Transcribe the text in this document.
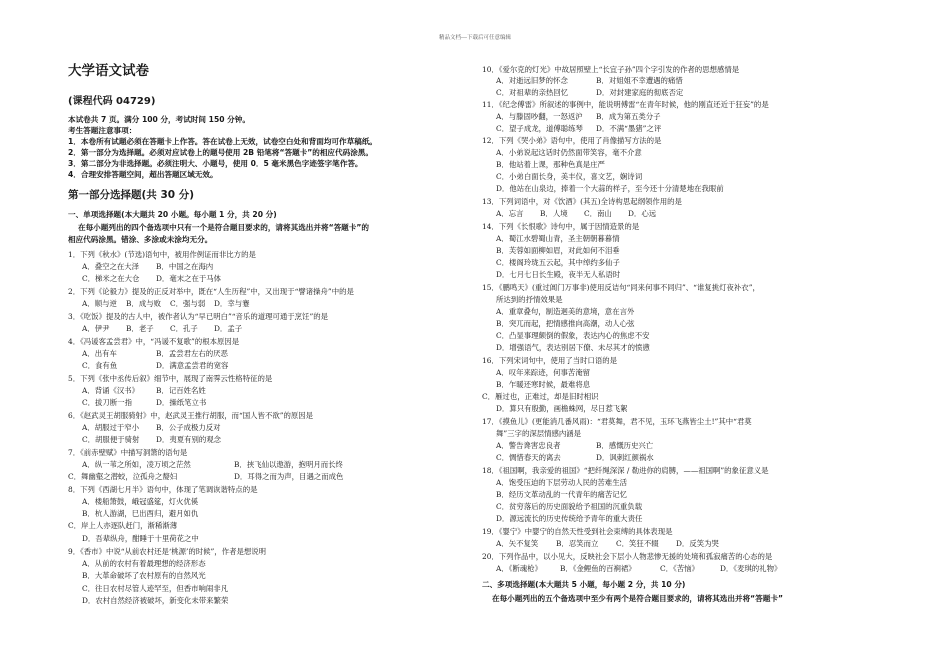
精品文档---下载后可任意编辑
大学语文试卷
(课程代码 04729)
本试卷共 7 页。满分 100 分，考试时间 150 分钟。
考生答题注意事项：
1．本卷所有试题必须在答题卡上作答。答在试卷上无效，试卷空白处和背面均可作草稿纸。
2．第一部分为选择题。必须对应试卷上的题号使用 2B 铅笔将“答题卡”的相应代码涂黑。
3．第二部分为非选择题。必须注明大、小题号，使用 0．5 毫米黑色字迹签字笔作答。
4．合理安排答题空间，超出答题区域无效。
第一部分选择题(共 30 分)
一、单项选择题(本大题共 20 小题。每小题 1 分，共 20 分)
在每小题列出的四个备选项中只有一个是符合题目要求的，请将其选出并将“答题卡”的
相应代码涂黑。错涂、多涂或未涂均无分。
1．下列《秋水》(节选)语句中，被用作例证而非比方的是
A．叠空之在大泽 B．中国之在海内
C．梯米之在大仓 D．毫末之在于马体
2．下列《论毅力》提及的正反对举中，既在“人生历程”中，又出现于“譬诸操舟”中的是
A．顺与逆 B．成与败 C．强与弱 D．幸与蹇
3．《吃饭》提及的古人中，被作者认为“早已明白”“音乐的道理可通于烹饪”的是
A．伊尹 B．老子 C．孔子 D．孟子
4．《冯谖客孟尝君》中，“冯谖不复歌”的根本原因是
A．出有车	B．孟尝君左右的厌恶
C．食有鱼	D．满意孟尝君的宽容
5．下列《张中丞传后叙》细节中，展现了南霁云性格特征的是
A．背诵《汉书》 B．记百姓名姓
C．拔刀断一指	D．操纸笔立书
6．《赵武灵王胡服骑射》中，赵武灵王推行胡服，而“国人皆不欲”的原因是
A．胡服过于窄小 B．公子成极力反对
C．胡服便于骑射 D．夷夏有别的观念
7．《前赤壁赋》中描写洞箫的语句是
A．纵一苇之所如，凌万顷之茫然	B．挟飞仙以遨游，抱明月而长终
C．舞幽壑之潜蛟，泣孤舟之嫠妇	D．耳得之而为声，目遇之而成色
8．下列《西湖七月半》语句中，体现了笔调诙谐特点的是
A．楼船箫鼓，峨冠盛筵，灯火优傒
B．杭人游湖，巳出酉归，避月如仇
C．岸上人亦逐队赶门，渐稀渐薄
D．吾辈纵舟，酣睡于十里荷花之中
9．《香市》中说“从前农村还是‘桃源’的时候”，作者是想说明
A．从前的农村有着最理想的经济形态
B．大革命破坏了农村原有的自然风光
C．往日农村尽管人迹罕至，但香市响闹非凡
D．农村自然经济被破坏，新变化未带来繁荣
10．《爱尔克的灯光》中故居照壁上“长宜子孙”四个字引发的作者的思想感情是
A．对逝远旧梦的怀念	B．对姐姐不幸遭遇的痛惜
C．对祖辈的亲热回忆	D．对封建家庭的彻底否定
11．《纪念傅雷》所叙述的事例中，能说明傅雷“在青年时候，他的刚直还近于狂妄”的是
A．与滕固吵翻，一怒返沪 B．成为第五类分子
C．望子成龙，道傅聪练琴 D．不满“墨猪”之评
12．下列《哭小弟》语句中，使用了肖像描写方法的是
A．小弟说起这话时仍然面带笑容，毫不介意
B．他站着上课，那种色真是庄严
C．小弟白面长身，美丰仪，喜文艺，娴诗词
D．他站在山泉边，捧着一个大蒜的样子，至今还十分清楚地在我眼前
13．下列词语中，对《饮酒》(其五)全诗构思起纲领作用的是
A．忘言 B．人境 C．南山 D．心远
14．下列《长恨歌》诗句中，属于因情造景的是
A．蜀江水碧蜀山青，圣主朝朝暮暮情
B．芙蓉如面柳如眉，对此如何不泪垂
C．楼阁玲珑五云起，其中绰约多仙子
D．七月七日长生殿，夜半无人私语时
15．《鹏鸣天》(重过阊门万事非)使用反诘句“同来何事不同归”、“谁复挑灯夜补衣”，
所达到的抒情效果是
A．重章叠句，制造迴美的意境，意在言外
B．突兀而起，把情感推向高潮，动人心弦
C．凸显事理颇倒的假象，表达内心的焦虑不安
D．增强语气，表达别居下僚、未尽其才的愤懑
16．下列宋词句中，使用了当时口语的是
A．叹年来踪迹，何事苦淹留
B．乍暖还寒时候，最难将息
C．雁过也，正难过，却是旧时相识
D．算只有殷勤，画檐蛛网，尽日惹飞絮
17．《摸鱼儿》(更能消几番风雨)：“君莫舞，君不见，玉环飞燕皆尘土!”其中“君莫
舞”三字的深层情感内涵是
A．警告谗害忠良者	B．感慨历史兴亡
C．惆惜春天的离去	D．讽刺红颜祸水
18．《祖国啊，我亲爱的祖国》“把纤绳深深 / 勒进你的肩膊，——祖国啊”的象征意义是
A．饱受压迫的下层劳动人民的苦难生活
B．经历文革动乱的一代青年的痛苦记忆
C．贫穷落后的历史面貌给予祖国的沉重负载
D．源远流长的历史传统给予青年的重大责任
19．《婴宁》中婴宁的自然天性受到社会束缚的具体表现是
A．矢不复笑 B．忍笑而立 C．笑狂不辍 D．反笑为哭
20．下列作品中，以小见大，反映社会下层小人物悲惨无援的处境和孤寂痛苦的心态的是
A．《断魂枪》 B．《金鲤鱼的百裥裙》	C．《苦恼》	D．《麦琪的礼物》
二、多项选择题(本大题共 5 小题，每小题 2 分，共 10 分)
在每小题列出的五个备选项中至少有两个是符合题目要求的，请将其选出并将“答题卡”
